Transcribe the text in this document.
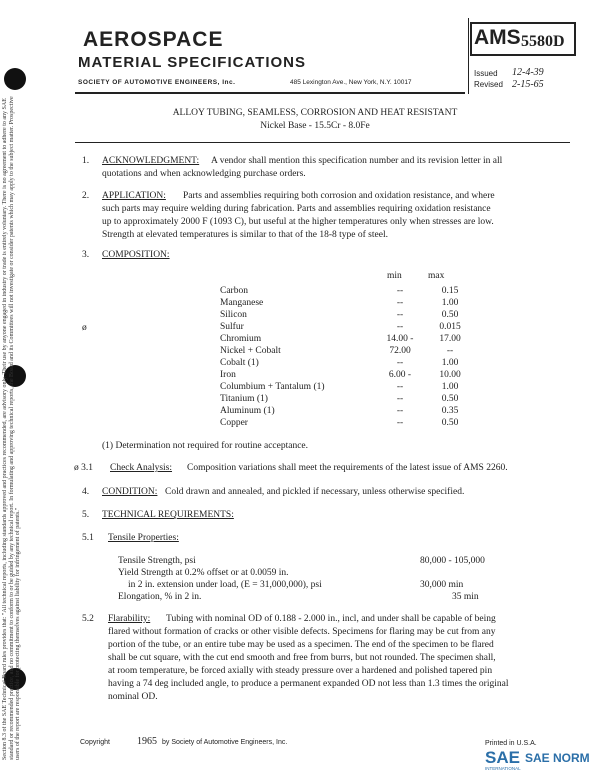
AEROSPACE
MATERIAL SPECIFICATIONS
SOCIETY OF AUTOMOTIVE ENGINEERS, Inc.	485 Lexington Ave., New York, N.Y. 10017
AMS 5580D
Issued 12-4-39
Revised 2-15-65
ALLOY TUBING, SEAMLESS, CORROSION AND HEAT RESISTANT
Nickel Base - 15.5Cr - 8.0Fe
1. ACKNOWLEDGMENT: A vendor shall mention this specification number and its revision letter in all
quotations and when acknowledging purchase orders.
2. APPLICATION: Parts and assemblies requiring both corrosion and oxidation resistance, and where
such parts may require welding during fabrication. Parts and assemblies requiring oxidation resistance
up to approximately 2000 F (1093 C), but useful at the higher temperatures only when stresses are low.
Strength at elevated temperatures is similar to that of the 18-8 type of steel.
3. COMPOSITION:
min	max
ø
Carbon	--	0.15
Manganese	--	1.00
Silicon	--	0.50
Sulfur	--	0.015
Chromium	14.00 -	17.00
Nickel + Cobalt	72.00	--
Cobalt (1)	--	1.00
Iron	6.00 -	10.00
Columbium + Tantalum (1)	--	1.00
Titanium (1)	--	0.50
Aluminum (1)	--	0.35
Copper	--	0.50
(1) Determination not required for routine acceptance.
ø 3.1 Check Analysis: Composition variations shall meet the requirements of the latest issue of AMS 2260.
4. CONDITION: Cold drawn and annealed, and pickled if necessary, unless otherwise specified.
5. TECHNICAL REQUIREMENTS:
5.1 Tensile Properties:
Tensile Strength, psi	80,000 - 105,000
Yield Strength at 0.2% offset or at 0.0059 in.
in 2 in. extension under load, (E = 31,000,000), psi	30,000 min
Elongation, % in 2 in.	35 min
5.2 Flarability: Tubing with nominal OD of 0.188 - 2.000 in., incl, and under shall be capable of being
flared without formation of cracks or other visible defects. Specimens for flaring may be cut from any
portion of the tube, or an entire tube may be used as a specimen. The end of the specimen to be flared
shall be cut square, with the cut end smooth and free from burrs, but not rounded. The specimen shall,
at room temperature, be forced axially with steady pressure over a hardened and polished tapered pin
having a 74 deg included angle, to produce a permanent expanded OD not less than 1.3 times the original
nominal OD.
Section 8.3 of the SAE Technical Board rules provides that: "All technical reports, including standards approved and practices recommended, are advisory only. Their use by anyone engaged in industry or trade is entirely voluntary. There is no agreement to adhere to any SAE standard or recommended practice, and no commitment to conform to or be guided by any technical report. In formulating and approving technical reports, the Board and its Committees will not investigate or consider patents which may apply to the subject matter. Prospective users of the report are responsible for protecting themselves against liability for infringement of patents."	Copyright	1965 by Society of Automotive Engineers, Inc.	Printed in U.S.A.
SAE SAE NORM
INTERNATIONAL
